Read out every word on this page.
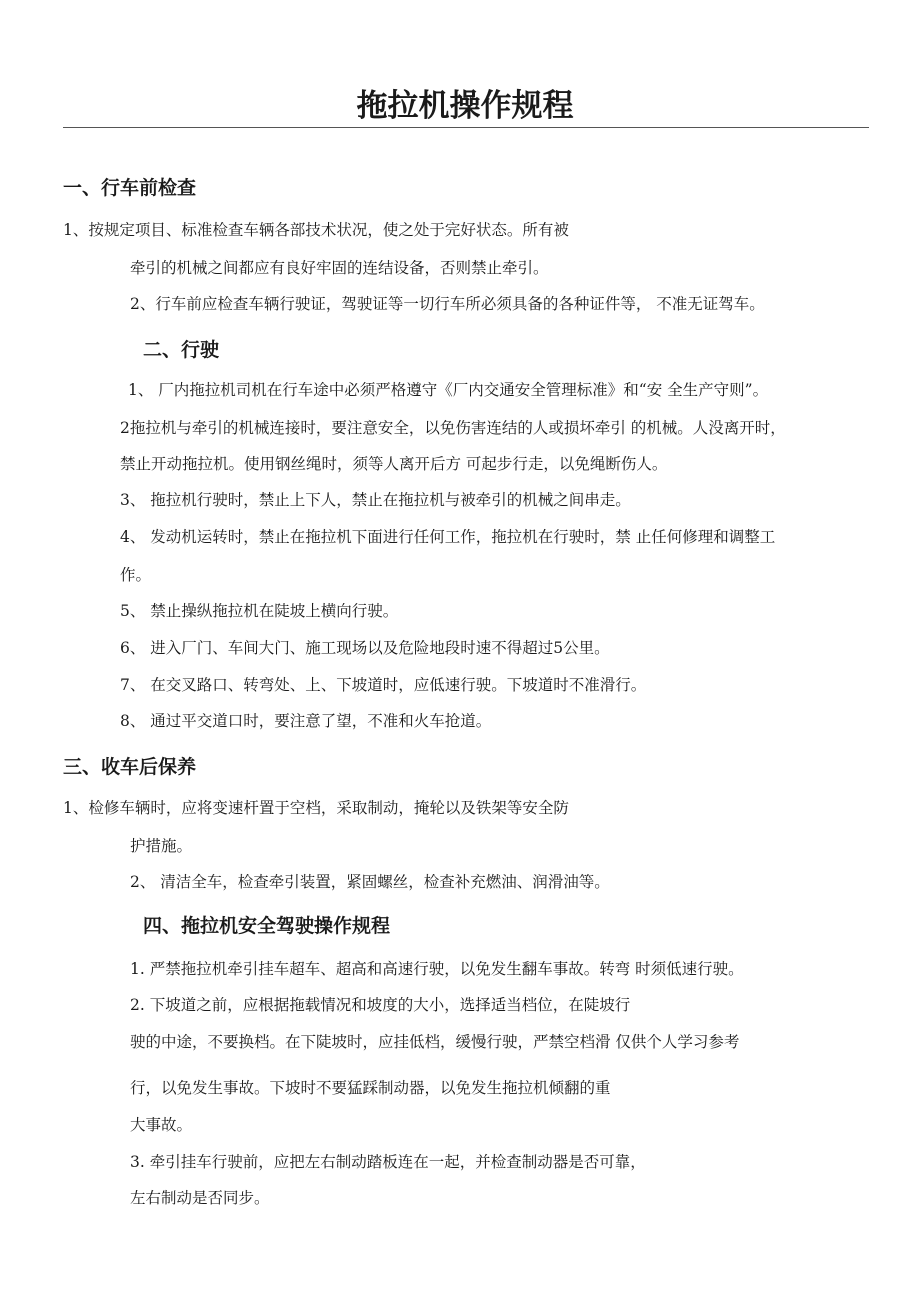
拖拉机操作规程
一、行车前检查
1、按规定项目、标准检查车辆各部技术状况，使之处于完好状态。所有被
牵引的机械之间都应有良好牢固的连结设备，否则禁止牵引。
2、行车前应检查车辆行驶证，驾驶证等一切行车所必须具备的各种证件等， 不准无证驾车。
二、行驶
1、 厂内拖拉机司机在行车途中必须严格遵守《厂内交通安全管理标准》和“安 全生产守则”。
2拖拉机与牵引的机械连接时，要注意安全，以免伤害连结的人或损坏牵引 的机械。人没离开时，
禁止开动拖拉机。使用钢丝绳时，须等人离开后方 可起步行走，以免绳断伤人。
3、 拖拉机行驶时，禁止上下人，禁止在拖拉机与被牵引的机械之间串走。
4、 发动机运转时，禁止在拖拉机下面进行任何工作，拖拉机在行驶时，禁 止任何修理和调整工
作。
5、 禁止操纵拖拉机在陡坡上横向行驶。
6、 进入厂门、车间大门、施工现场以及危险地段时速不得超过5公里。
7、 在交叉路口、转弯处、上、下坡道时，应低速行驶。下坡道时不准滑行。
8、 通过平交道口时，要注意了望，不准和火车抢道。
三、收车后保养
1、检修车辆时，应将变速杆置于空档，采取制动，掩轮以及铁架等安全防
护措施。
2、 清洁全车，检查牵引装置，紧固螺丝，检查补充燃油、润滑油等。
四、拖拉机安全驾驶操作规程
1. 严禁拖拉机牵引挂车超车、超高和高速行驶，以免发生翻车事故。转弯 时须低速行驶。
2. 下坡道之前，应根据拖载情况和坡度的大小，选择适当档位，在陡坡行
驶的中途，不要换档。在下陡坡时，应挂低档，缓慢行驶，严禁空档滑 仅供个人学习参考
行，以免发生事故。下坡时不要猛踩制动器，以免发生拖拉机倾翻的重
大事故。
3. 牵引挂车行驶前，应把左右制动踏板连在一起，并检查制动器是否可靠，
左右制动是否同步。
